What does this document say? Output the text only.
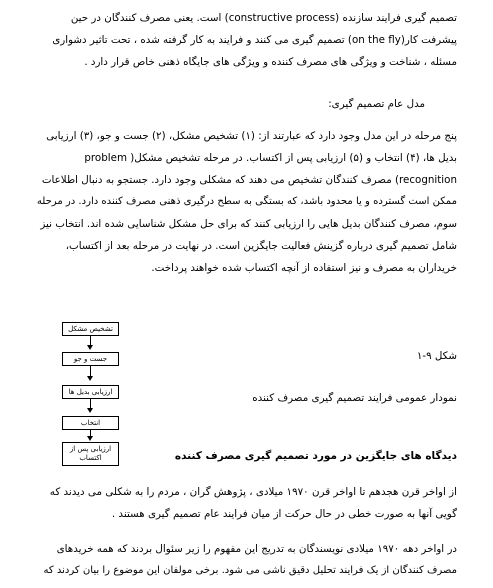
تصمیم گیری فرایند سازنده (constructive process) است. یعنی مصرف کنندگان در حین
پیشرفت کار(on the fly) تصمیم گیری می کنند و فرایند به کار گرفته شده ، تحت تاثیر دشواری
مسئله ، شناخت و ویژگی های مصرف کننده و ویژگی های جایگاه ذهنی خاص قرار دارد .
مدل عام تصمیم گیری:
پنج مرحله در این مدل وجود دارد که عبارتند از: (۱) تشخیص مشکل، (۲) جست و جو، (۳) ارزیابی
بدیل ها، (۴) انتخاب و (۵) ارزیابی پس از اکتساب. در مرحله تشخیص مشکل( problem
recognition) مصرف کنندگان تشخیص می دهند که مشکلی وجود دارد. جستجو به دنبال اطلاعات
ممکن است گسترده و یا محدود باشد، که بستگی به سطح درگیری ذهنی مصرف کننده دارد. در مرحله
سوم، مصرف کنندگان بدیل هایی را ارزیابی کنند که برای حل مشکل شناسایی شده اند. انتخاب نیز
شامل تصمیم گیری درباره گزینش فعالیت جایگزین است. در نهایت در مرحله بعد از اکتساب،
خریداران به مصرف و نیز استفاده از آنچه اکتساب شده خواهند پرداخت.
تشخیص مشکل
جست و جو
ارزیابی بدیل ها
انتخاب
ارزیابی پس از اکتساب
شکل ۹-۱
نمودار عمومی فرایند تصمیم گیری مصرف کننده
دیدگاه های جایگزین در مورد تصمیم گیری مصرف کننده
از اواخر قرن هجدهم تا اواخر قرن ۱۹۷۰ میلادی ، پژوهش گران ، مردم را به شکلی می دیدند که
گویی آنها به صورت خطی در حال حرکت از میان فرایند عام تصمیم گیری هستند .
در اواخر دهه ۱۹۷۰ میلادی نویسندگان به تدریج این مفهوم را زیر سئوال بردند که همه خریدهای
مصرف کنندگان از یک فرایند تحلیل دقیق ناشی می شود. برخی مولفان این موضوع را بیان کردند که
